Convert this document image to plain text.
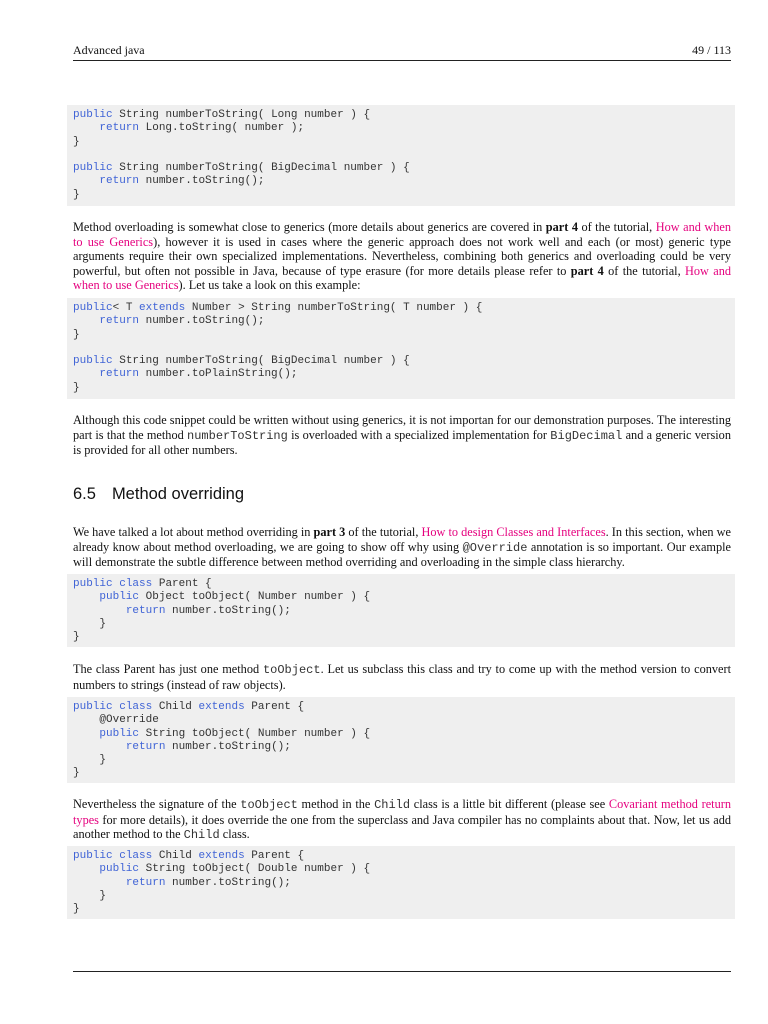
Advanced java	49 / 113
public String numberToString( Long number ) {
return Long.toString( number );
}

public String numberToString( BigDecimal number ) {
return number.toString();
}

Method overloading is somewhat close to generics (more details about generics are covered in part 4 of the tutorial, How and when to use Generics), however it is used in cases where the generic approach does not work well and each (or most) generic type arguments require their own specialized implementations. Nevertheless, combining both generics and overloading could be very powerful, but often not possible in Java, because of type erasure (for more details please refer to part 4 of the tutorial, How and when to use Generics). Let us take a look on this example:

public< T extends Number > String numberToString( T number ) {
return number.toString();
}

public String numberToString( BigDecimal number ) {
return number.toPlainString();
}

Although this code snippet could be written without using generics, it is not importan for our demonstration purposes. The interesting part is that the method numberToString is overloaded with a specialized implementation for BigDecimal and a generic version is provided for all other numbers.

6.5 Method overriding

We have talked a lot about method overriding in part 3 of the tutorial, How to design Classes and Interfaces. In this section, when we already know about method overloading, we are going to show off why using @Override annotation is so important. Our example will demonstrate the subtle difference between method overriding and overloading in the simple class hierarchy.

public class Parent {
public Object toObject( Number number ) {
return number.toString();
}
}

The class Parent has just one method toObject. Let us subclass this class and try to come up with the method version to convert numbers to strings (instead of raw objects).

public class Child extends Parent {
@Override
public String toObject( Number number ) {
return number.toString();
}
}

Nevertheless the signature of the toObject method in the Child class is a little bit different (please see Covariant method return types for more details), it does override the one from the superclass and Java compiler has no complaints about that. Now, let us add another method to the Child class.

public class Child extends Parent {
public String toObject( Double number ) {
return number.toString();
}
}
